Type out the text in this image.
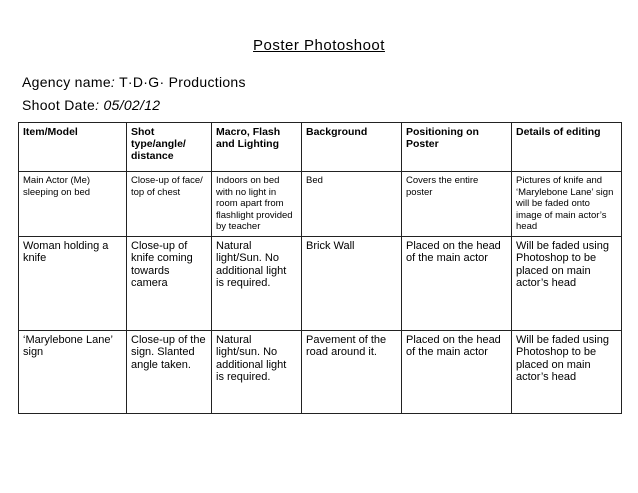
Poster Photoshoot
Agency name: T·D·G· Productions
Shoot Date: 05/02/12
Item/Model	Shot type/angle/ distance	Macro, Flash and Lighting	Background	Positioning on Poster	Details of editing
Main Actor (Me) sleeping on bed	Close-up of face/ top of chest	Indoors on bed with no light in room apart from flashlight provided by teacher	Bed	Covers the entire poster	Pictures of knife and ‘Marylebone Lane’ sign will be faded onto image of main actor’s head
Woman holding a knife	Close-up of knife coming towards camera	Natural light/Sun. No additional light is required.	Brick Wall	Placed on the head of the main actor	Will be faded using Photoshop to be placed on main actor’s head
‘Marylebone Lane’ sign	Close-up of the sign. Slanted angle taken.	Natural light/sun. No additional light is required.	Pavement of the road around it.	Placed on the head of the main actor	Will be faded using Photoshop to be placed on main actor’s head
